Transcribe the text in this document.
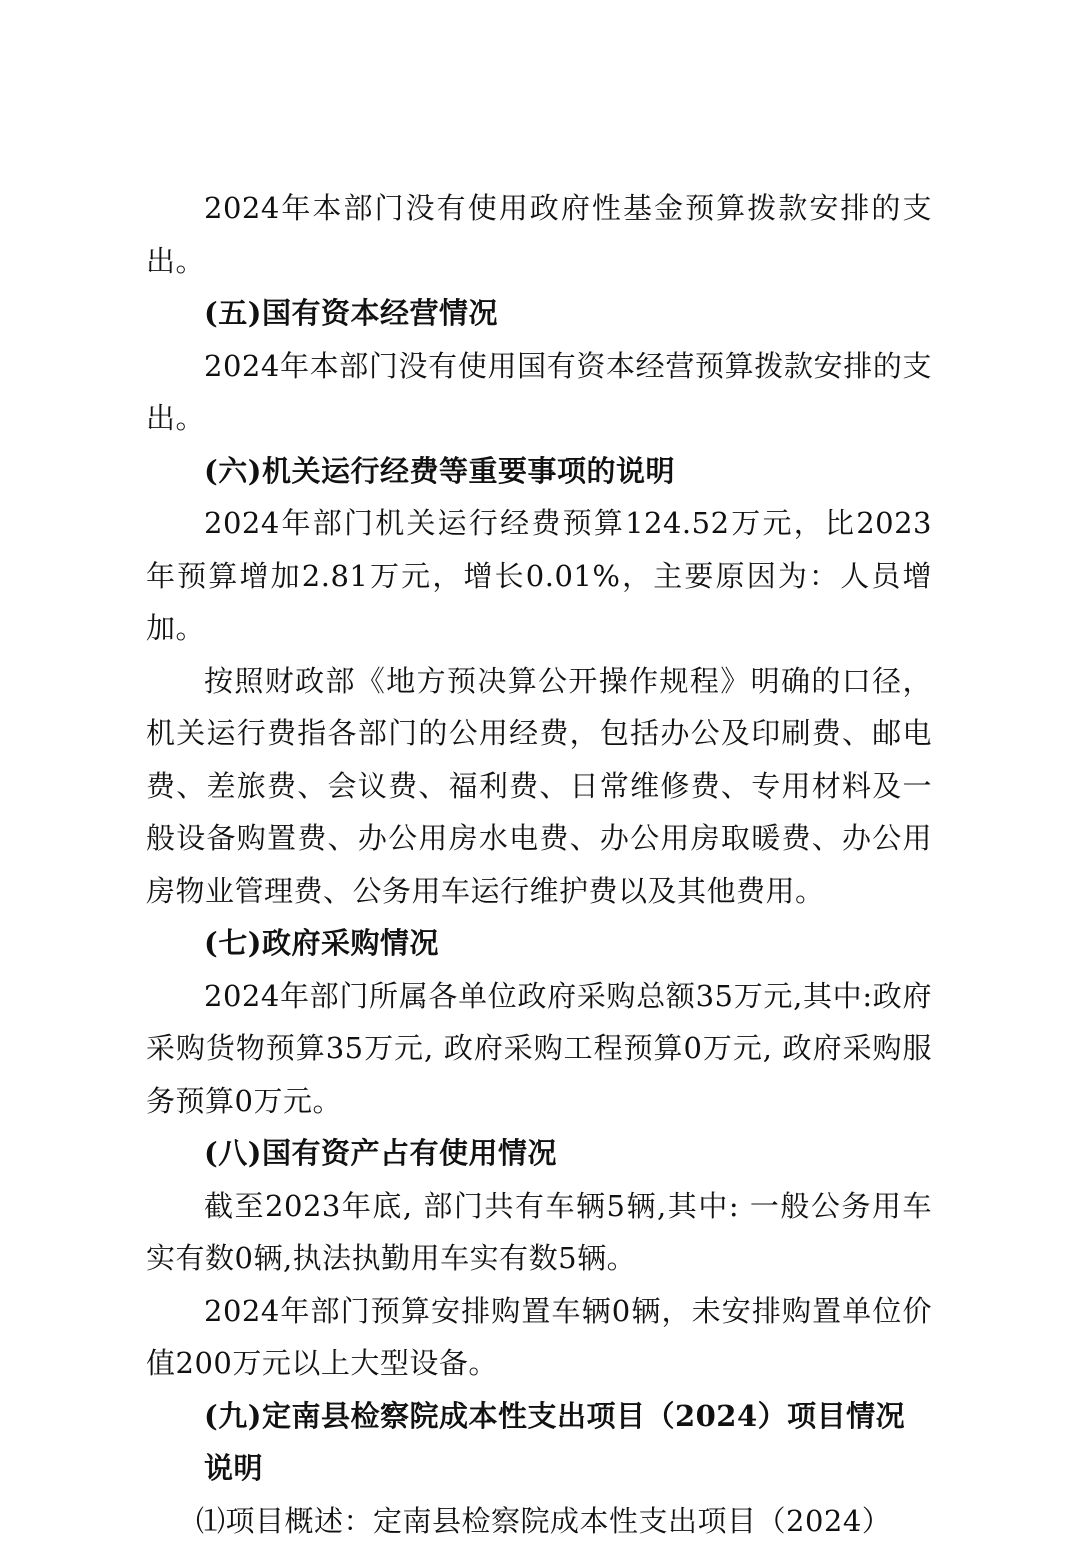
2024年本部门没有使用政府性基金预算拨款安排的支出。

(五)国有资本经营情况

2024年本部门没有使用国有资本经营预算拨款安排的支出。

(六)机关运行经费等重要事项的说明

2024年部门机关运行经费预算124.52万元，比2023年预算增加2.81万元，增长0.01%，主要原因为：人员增加。

按照财政部《地方预决算公开操作规程》明确的口径，机关运行费指各部门的公用经费，包括办公及印刷费、邮电费、差旅费、会议费、福利费、日常维修费、专用材料及一般设备购置费、办公用房水电费、办公用房取暖费、办公用房物业管理费、公务用车运行维护费以及其他费用。

(七)政府采购情况

2024年部门所属各单位政府采购总额35万元,其中:政府采购货物预算35万元, 政府采购工程预算0万元, 政府采购服务预算0万元。

(八)国有资产占有使用情况

截至2023年底, 部门共有车辆5辆,其中: 一般公务用车实有数0辆,执法执勤用车实有数5辆。

2024年部门预算安排购置车辆0辆，未安排购置单位价值200万元以上大型设备。

(九)定南县检察院成本性支出项目（2024）项目情况说明

⑴项目概述：定南县检察院成本性支出项目（2024）
